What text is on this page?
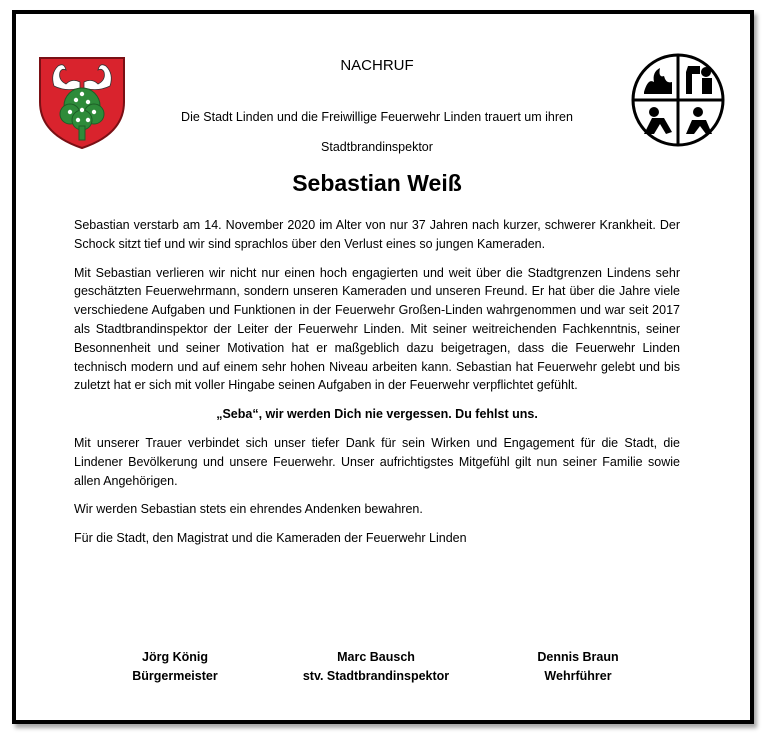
NACHRUF
Die Stadt Linden und die Freiwillige Feuerwehr Linden trauert um ihren
Stadtbrandinspektor
Sebastian Weiß

Sebastian verstarb am 14. November 2020 im Alter von nur 37 Jahren nach kurzer, schwerer Krankheit. Der Schock sitzt tief und wir sind sprachlos über den Verlust eines so jungen Kameraden.

Mit Sebastian verlieren wir nicht nur einen hoch engagierten und weit über die Stadtgrenzen Lindens sehr geschätzten Feuerwehrmann, sondern unseren Kameraden und unseren Freund. Er hat über die Jahre viele verschiedene Aufgaben und Funktionen in der Feuerwehr Großen-Linden wahrgenommen und war seit 2017 als Stadtbrandinspektor der Leiter der Feuerwehr Linden. Mit seiner weitreichenden Fachkenntnis, seiner Besonnenheit und seiner Motivation hat er maßgeblich dazu beigetragen, dass die Feuerwehr Linden technisch modern und auf einem sehr hohen Niveau arbeiten kann. Sebastian hat Feuerwehr gelebt und bis zuletzt hat er sich mit voller Hingabe seinen Aufgaben in der Feuerwehr verpflichtet gefühlt.

„Seba“, wir werden Dich nie vergessen. Du fehlst uns.

Mit unserer Trauer verbindet sich unser tiefer Dank für sein Wirken und Engagement für die Stadt, die Lindener Bevölkerung und unsere Feuerwehr. Unser aufrichtigstes Mitgefühl gilt nun seiner Familie sowie allen Angehörigen.

Wir werden Sebastian stets ein ehrendes Andenken bewahren.

Für die Stadt, den Magistrat und die Kameraden der Feuerwehr Linden

Jörg König
Bürgermeister
Marc Bausch
stv. Stadtbrandinspektor
Dennis Braun
Wehrführer
